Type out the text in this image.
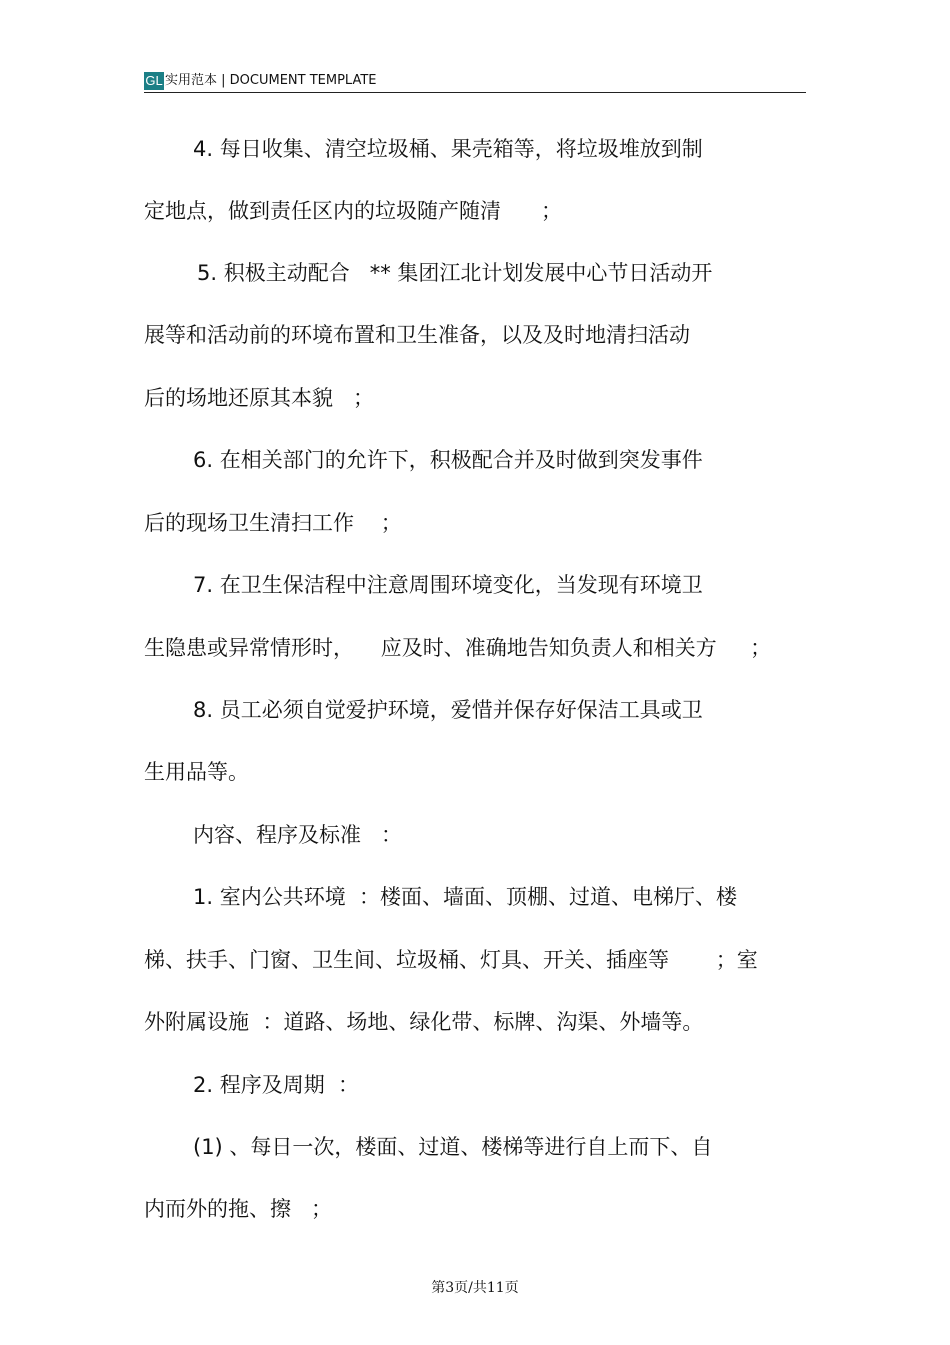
GL 实用范本 | DOCUMENT TEMPLATE
4. 每日收集、清空垃圾桶、果壳箱等，将垃圾堆放到制
定地点，做到责任区内的垃圾随产随清      ；
5. 积极主动配合   ** 集团江北计划发展中心节日活动开
展等和活动前的环境布置和卫生准备，以及及时地清扫活动
后的场地还原其本貌   ；
6. 在相关部门的允许下，积极配合并及时做到突发事件
后的现场卫生清扫工作    ；
7. 在卫生保洁程中注意周围环境变化，当发现有环境卫
生隐患或异常情形时，    应及时、准确地告知负责人和相关方     ；
8. 员工必须自觉爱护环境，爱惜并保存好保洁工具或卫
生用品等。
内容、程序及标准   ：
1. 室内公共环境  ：楼面、墙面、顶棚、过道、电梯厅、楼
梯、扶手、门窗、卫生间、垃圾桶、灯具、开关、插座等       ；室
外附属设施  ：道路、场地、绿化带、标牌、沟渠、外墙等。
2. 程序及周期  ：
(1) 、每日一次，楼面、过道、楼梯等进行自上而下、自
内而外的拖、擦   ；
第3页/共11页
